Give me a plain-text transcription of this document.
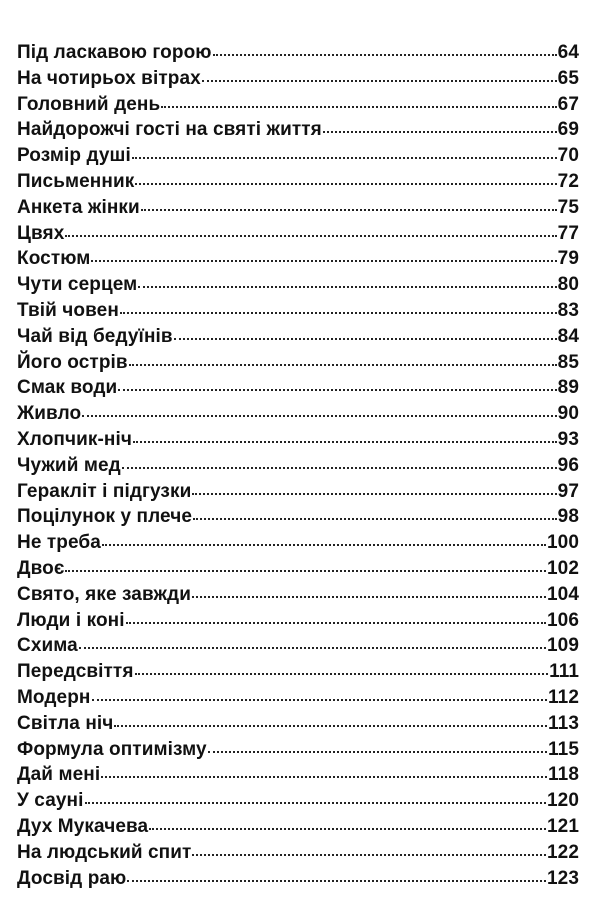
Під ласкавою горою	64
На чотирьох вітрах	65
Головний день	67
Найдорожчі гості на святі життя	69
Розмір душі	70
Письменник	72
Анкета жінки	75
Цвях	77
Костюм	79
Чути серцем	80
Твій човен	83
Чай від бедуїнів	84
Його острів	85
Смак води	89
Живло	90
Хлопчик-ніч	93
Чужий мед	96
Геракліт і підгузки	97
Поцілунок у плече	98
Не треба	100
Двоє	102
Свято, яке завжди	104
Люди і коні	106
Схима	109
Передсвіття	111
Модерн	112
Світла ніч	113
Формула оптимізму	115
Дай мені	118
У сауні	120
Дух Мукачева	121
На людський спит	122
Досвід раю	123
